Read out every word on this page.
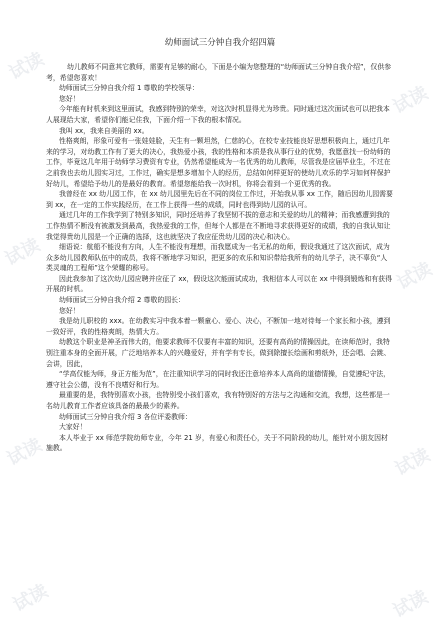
试读
试读
试读
试读
试读	试读
试读	试读
幼师面试三分钟自我介绍四篇

幼儿教师不同意其它教师，需要有足够的耐心，下面是小编为您整理的“幼师面试三分钟自我介绍”，仅供参考，希望您喜欢！

幼师面试三分钟自我介绍 1 尊敬的学校领导：

您好！

今年能有时机来到这里面试，我感到特别的荣幸，对这次时机显得尤为珍贵。同时通过这次面试也可以把我本人展现给大家，希望你们能记住我，下面介绍一下我的根本情况。

我叫 xx，我来自美丽的 xx。

性格爽朗，形象可爱有一张娃娃脸，天生有一颗坦然，仁慈的心，在校专业技能良好思想积极向上，通过几年来的学习，对幼教工作有了更大的决心，我热爱小孩，我的性格和本质是我从事行业的优势，我愿意找一份幼师的工作，毕竟这几年用于幼师学习费资有专业，仍然希望能成为一名优秀的幼儿教师，尽管我是应届毕业生，不过在之前我也去幼儿园实习过，工作过，确实是想多增加个人的经历，总结如何样更好的使幼儿欢乐的学习如何样保护好幼儿，希望给予幼儿的是最好的教育。希望您能给我一次时机，你将会看到一个更优秀的我。

我曾经在 xx 幼儿园工作，在 xx 幼儿园里先后在不同的岗位工作过，开始我从事 xx 工作，随后因幼儿园需要到 xx，在一定的工作实践经历，在工作上获得一些的成绩，同时也得到幼儿园的认可。

通过几年的工作我学到了特别多知识，同时还培养了我坚韧不拔的意志和关爱的幼儿的精神；而我感遭到我的工作热情不断没有被激发到最高，我热爱我的工作，但每个人都是在不断地寻求获得更好的成绩，我的自我认知让我觉得贵幼儿园是一个正确的选择，这也就坚决了我应征贵幼儿园的决心和决心。

细语说：航船不能没有方向，人生不能没有理想，而我愿成为一名无私的幼师，假设我通过了这次面试，成为众多幼儿园教师队伍中的成员，我将不断地学习知识，把更多的欢乐和知识带给我所有的幼儿学子，决不辜负“人类灵魂的工程师”这个荣耀的称号。

因此我参加了这次幼儿园应聘并应征了 xx，假设这次能面试成功，我相信本人可以在 xx 中得到锻炼和有获得开展的时机。

幼师面试三分钟自我介绍 2 尊敬的园长：

您好！

我是幼儿职校的 xxx。在幼教实习中我本着一颗童心、爱心、决心，不断加一地对待每一个家长和小孩，遵到一致好评，我的性格爽朗，热情大方。

幼教这个职业是神圣而伟大的，他要求教师不仅要有丰富的知识，还要有高尚的情操因此，在读师范时，我特别注重本身的全面开展，广泛地培养本人的兴趣爱好，并有学有专长，做到除擅长绘画和剪纸外，还会唱、会跳、会讲，因此，

“学高仅能为师，身正方能为范”，在注重知识学习的同时我还注意培养本人高尚的道德情操，自觉遵纪守法，遵守社会公德，没有不良嗜好和行为。

最重要的是，我特别喜欢小孩，也特别受小孩们喜欢，我有特别好的方法与之沟通和交流，我想，这些都是一名幼儿教育工作者应该具备的最最少的素养。

幼师面试三分钟自我介绍 3 各位评委教师：

大家好！

本人毕业于 xx 师范学院幼师专业，今年 21 岁，有爱心和责任心，关于不同阶段的幼儿，能针对小朋友因材施教。
